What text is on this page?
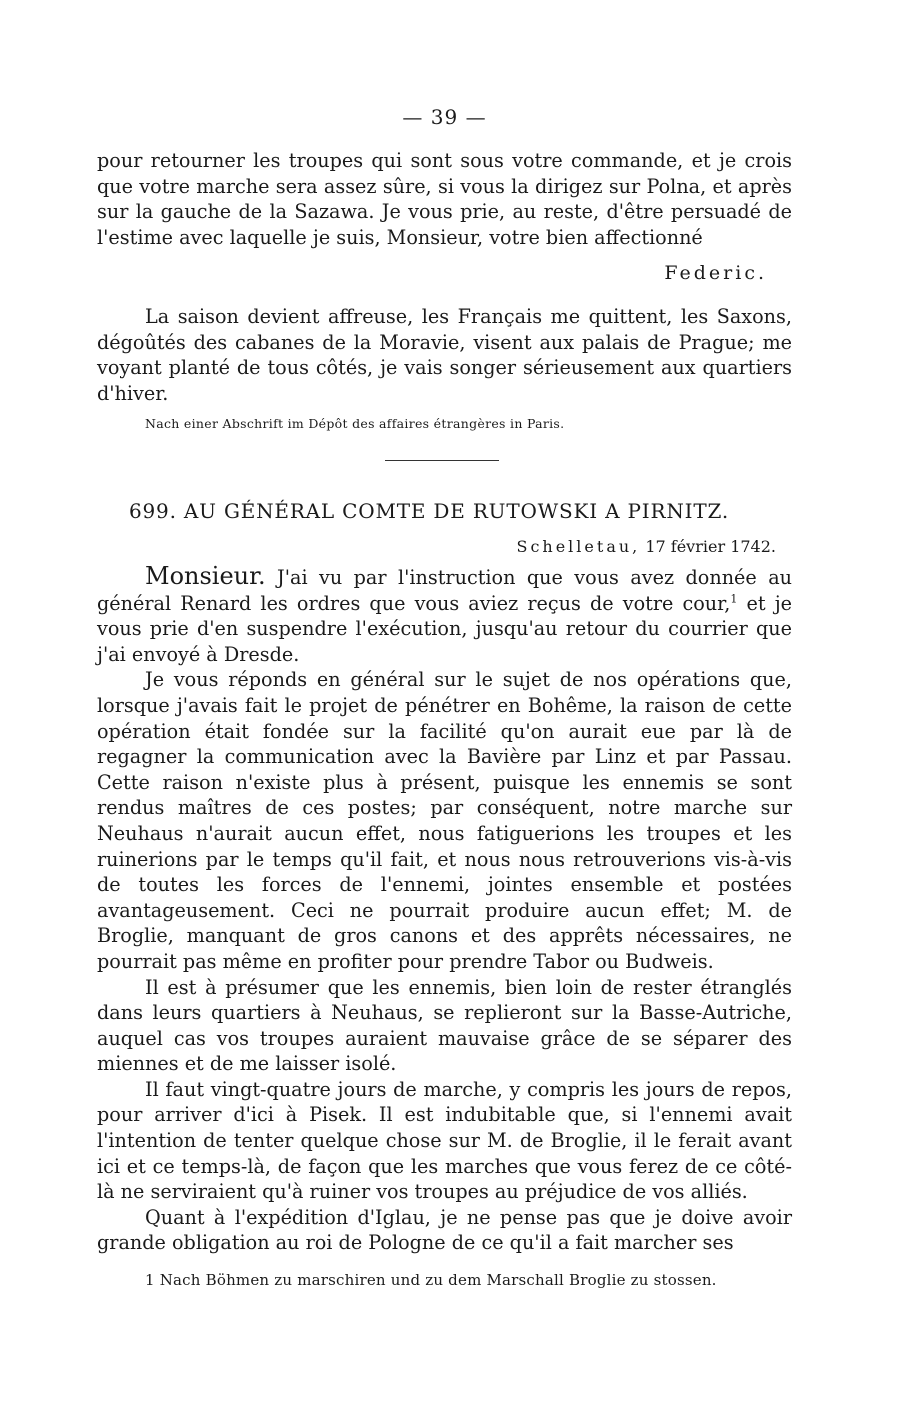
— 39 —

pour retourner les troupes qui sont sous votre commande, et je crois que votre marche sera assez sûre, si vous la dirigez sur Polna, et après sur la gauche de la Sazawa. Je vous prie, au reste, d'être persuadé de l'estime avec laquelle je suis, Monsieur, votre bien affectionné

Federic.

La saison devient affreuse, les Français me quittent, les Saxons, dégoûtés des cabanes de la Moravie, visent aux palais de Prague; me voyant planté de tous côtés, je vais songer sérieusement aux quartiers d'hiver.

Nach einer Abschrift im Dépôt des affaires étrangères in Paris.
699. AU GÉNÉRAL COMTE DE RUTOWSKI A PIRNITZ.
Schelletau, 17 février 1742.

Monsieur. J'ai vu par l'instruction que vous avez donnée au général Renard les ordres que vous aviez reçus de votre cour,$^1$ et je vous prie d'en suspendre l'exécution, jusqu'au retour du courrier que j'ai envoyé à Dresde.

Je vous réponds en général sur le sujet de nos opérations que, lorsque j'avais fait le projet de pénétrer en Bohême, la raison de cette opération était fondée sur la facilité qu'on aurait eue par là de regagner la communication avec la Bavière par Linz et par Passau. Cette raison n'existe plus à présent, puisque les ennemis se sont rendus maîtres de ces postes; par conséquent, notre marche sur Neuhaus n'aurait aucun effet, nous fatiguerions les troupes et les ruinerions par le temps qu'il fait, et nous nous retrouverions vis-à-vis de toutes les forces de l'ennemi, jointes ensemble et postées avantageusement. Ceci ne pourrait produire aucun effet; M. de Broglie, manquant de gros canons et des apprêts nécessaires, ne pourrait pas même en profiter pour prendre Tabor ou Budweis.

Il est à présumer que les ennemis, bien loin de rester étranglés dans leurs quartiers à Neuhaus, se replieront sur la Basse-Autriche, auquel cas vos troupes auraient mauvaise grâce de se séparer des miennes et de me laisser isolé.

Il faut vingt-quatre jours de marche, y compris les jours de repos, pour arriver d'ici à Pisek. Il est indubitable que, si l'ennemi avait l'intention de tenter quelque chose sur M. de Broglie, il le ferait avant ici et ce temps-là, de façon que les marches que vous ferez de ce côté-là ne serviraient qu'à ruiner vos troupes au préjudice de vos alliés.

Quant à l'expédition d'Iglau, je ne pense pas que je doive avoir grande obligation au roi de Pologne de ce qu'il a fait marcher ses

1 Nach Böhmen zu marschiren und zu dem Marschall Broglie zu stossen.
